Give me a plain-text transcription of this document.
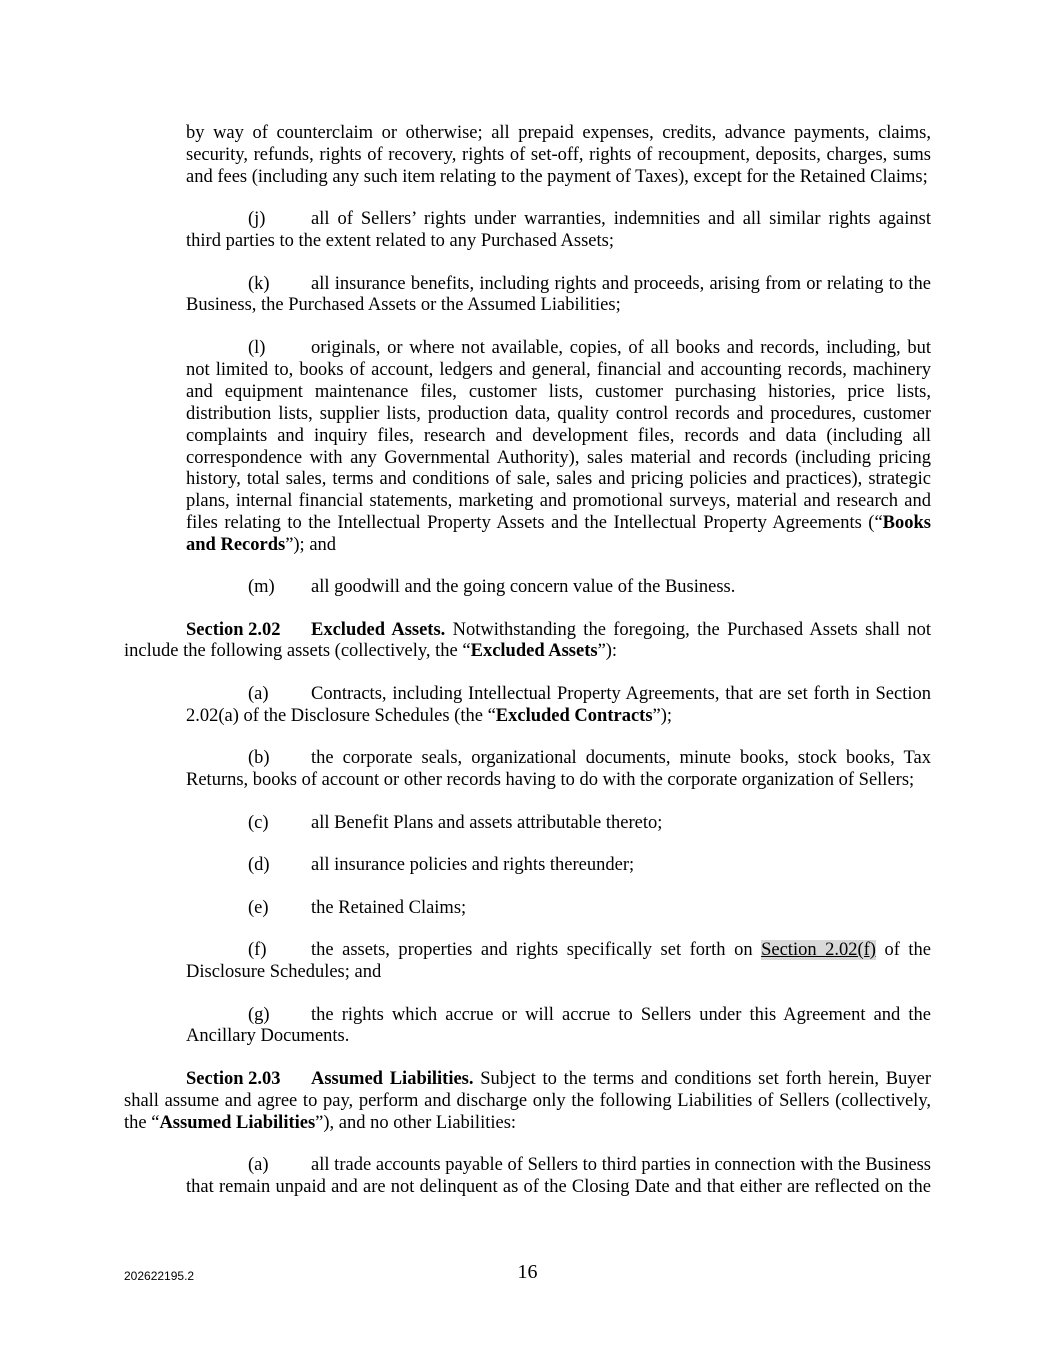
by way of counterclaim or otherwise; all prepaid expenses, credits, advance payments, claims,
security, refunds, rights of recovery, rights of set-off, rights of recoupment, deposits, charges, sums
and fees (including any such item relating to the payment of Taxes), except for the Retained Claims;
(j) all of Sellers’ rights under warranties, indemnities and all similar rights against
third parties to the extent related to any Purchased Assets;
(k) all insurance benefits, including rights and proceeds, arising from or relating to the
Business, the Purchased Assets or the Assumed Liabilities;
(l) originals, or where not available, copies, of all books and records, including, but
not limited to, books of account, ledgers and general, financial and accounting records, machinery
and equipment maintenance files, customer lists, customer purchasing histories, price lists,
distribution lists, supplier lists, production data, quality control records and procedures, customer
complaints and inquiry files, research and development files, records and data (including all
correspondence with any Governmental Authority), sales material and records (including pricing
history, total sales, terms and conditions of sale, sales and pricing policies and practices), strategic
plans, internal financial statements, marketing and promotional surveys, material and research and
files relating to the Intellectual Property Assets and the Intellectual Property Agreements (“Books
and Records”); and
(m) all goodwill and the going concern value of the Business.
Section 2.02 Excluded Assets. Notwithstanding the foregoing, the Purchased Assets shall not
include the following assets (collectively, the “Excluded Assets”):
(a) Contracts, including Intellectual Property Agreements, that are set forth in Section
2.02(a) of the Disclosure Schedules (the “Excluded Contracts”);
(b) the corporate seals, organizational documents, minute books, stock books, Tax
Returns, books of account or other records having to do with the corporate organization of Sellers;
(c) all Benefit Plans and assets attributable thereto;
(d) all insurance policies and rights thereunder;
(e) the Retained Claims;
(f) the assets, properties and rights specifically set forth on Section 2.02(f) of the
Disclosure Schedules; and
(g) the rights which accrue or will accrue to Sellers under this Agreement and the
Ancillary Documents.
Section 2.03 Assumed Liabilities. Subject to the terms and conditions set forth herein, Buyer
shall assume and agree to pay, perform and discharge only the following Liabilities of Sellers (collectively,
the “Assumed Liabilities”), and no other Liabilities:
(a) all trade accounts payable of Sellers to third parties in connection with the Business
that remain unpaid and are not delinquent as of the Closing Date and that either are reflected on the
202622195.2	16
